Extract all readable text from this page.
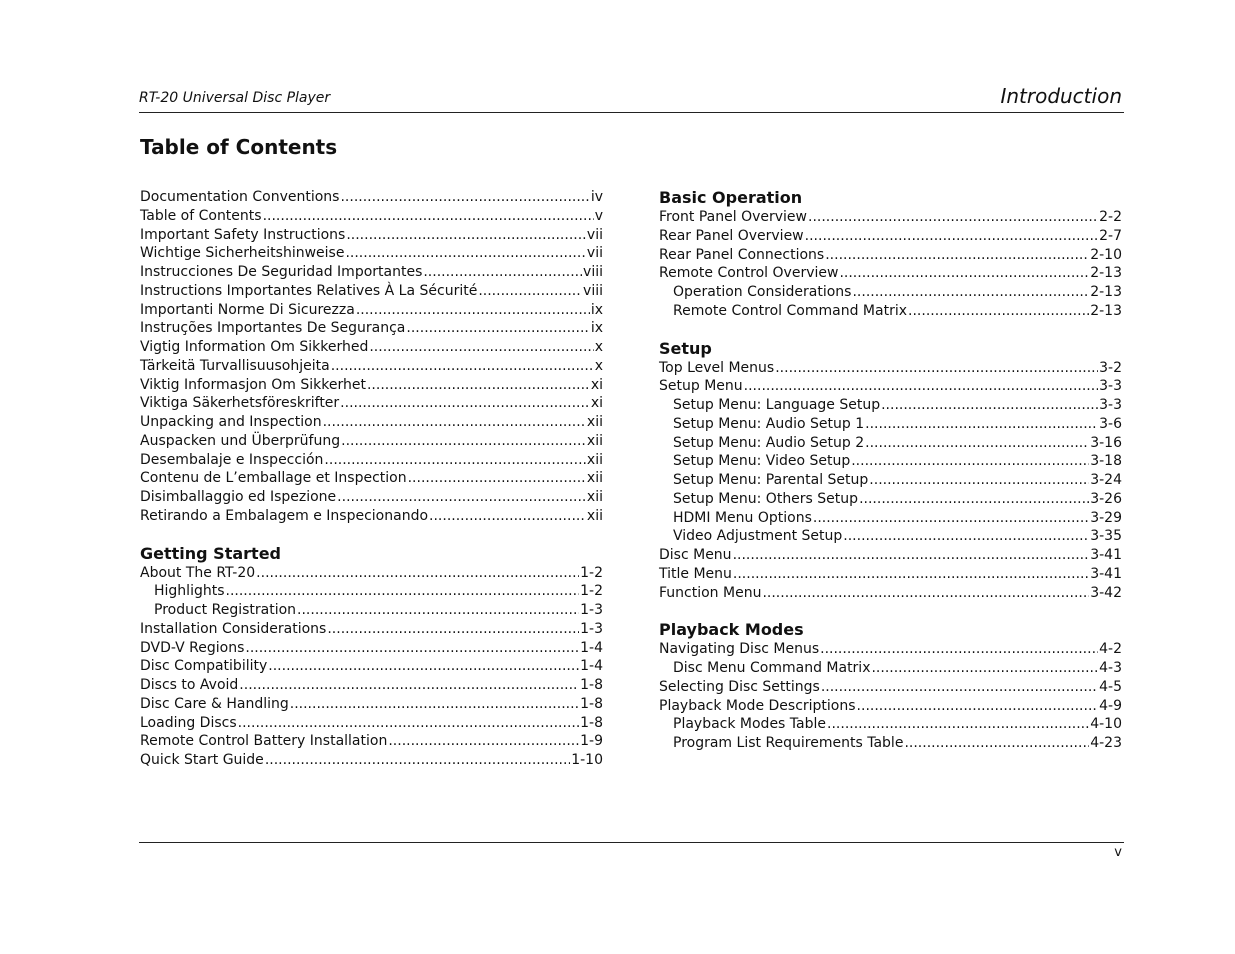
RT-20 Universal Disc Player	Introduction
Table of Contents
Documentation Conventions .....	iv
Table of Contents .....	v
Important Safety Instructions .....	vii
Wichtige Sicherheitshinweise .....	vii
Instrucciones De Seguridad Importantes .....	viii
Instructions Importantes Relatives À La Sécurité .....	viii
Importanti Norme Di Sicurezza .....	ix
Instruções Importantes De Segurança .....	ix
Vigtig Information Om Sikkerhed .....	x
Tärkeitä Turvallisuusohjeita .....	x
Viktig Informasjon Om Sikkerhet .....	xi
Viktiga Säkerhetsföreskrifter .....	xi
Unpacking and Inspection .....	xii
Auspacken und Überprüfung .....	xii
Desembalaje e Inspección .....	xii
Contenu de L’emballage et Inspection .....	xii
Disimballaggio ed Ispezione .....	xii
Retirando a Embalagem e Inspecionando .....	xii
Getting Started
About The RT-20 .....	1-2
Highlights .....	1-2
Product Registration .....	1-3
Installation Considerations .....	1-3
DVD-V Regions .....	1-4
Disc Compatibility .....	1-4
Discs to Avoid .....	1-8
Disc Care & Handling .....	1-8
Loading Discs .....	1-8
Remote Control Battery Installation .....	1-9
Quick Start Guide .....	1-10
Basic Operation
Front Panel Overview .....	2-2
Rear Panel Overview .....	2-7
Rear Panel Connections .....	2-10
Remote Control Overview .....	2-13
Operation Considerations .....	2-13
Remote Control Command Matrix .....	2-13
Setup
Top Level Menus .....	3-2
Setup Menu .....	3-3
Setup Menu: Language Setup .....	3-3
Setup Menu: Audio Setup 1 .....	3-6
Setup Menu: Audio Setup 2 .....	3-16
Setup Menu: Video Setup .....	3-18
Setup Menu: Parental Setup .....	3-24
Setup Menu: Others Setup .....	3-26
HDMI Menu Options .....	3-29
Video Adjustment Setup .....	3-35
Disc Menu .....	3-41
Title Menu .....	3-41
Function Menu .....	3-42
Playback Modes
Navigating Disc Menus .....	4-2
Disc Menu Command Matrix .....	4-3
Selecting Disc Settings .....	4-5
Playback Mode Descriptions .....	4-9
Playback Modes Table .....	4-10
Program List Requirements Table .....	4-23
v
